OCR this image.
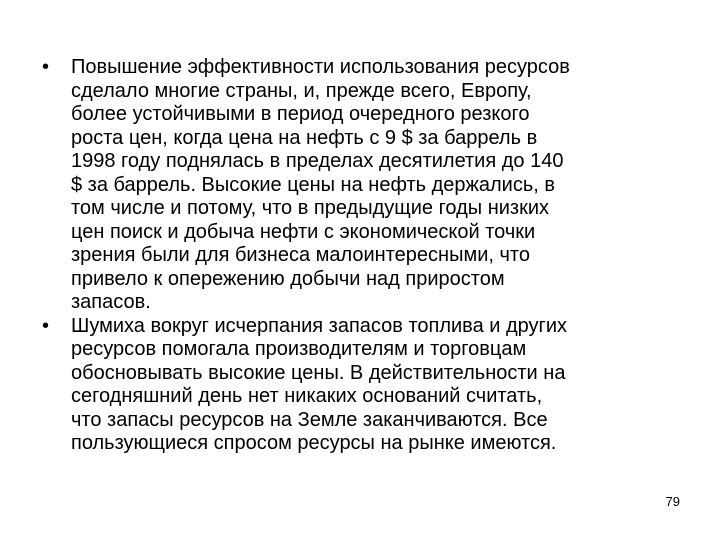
•	Повышение эффективности использования ресурсов
сделало многие страны, и, прежде всего, Европу,
более устойчивыми в период очередного резкого
роста цен, когда цена на нефть с 9 $ за баррель в
1998 году поднялась в пределах десятилетия до 140
$ за баррель. Высокие цены на нефть держались, в
том числе и потому, что в предыдущие годы низких
цен поиск и добыча нефти с экономической точки
зрения были для бизнеса малоинтересными, что
привело к опережению добычи над приростом
запасов.
•	Шумиха вокруг исчерпания запасов топлива и других
ресурсов помогала производителям и торговцам
обосновывать высокие цены. В действительности на
сегодняшний день нет никаких оснований считать,
что запасы ресурсов на Земле заканчиваются. Все
пользующиеся спросом ресурсы на рынке имеются.
79
